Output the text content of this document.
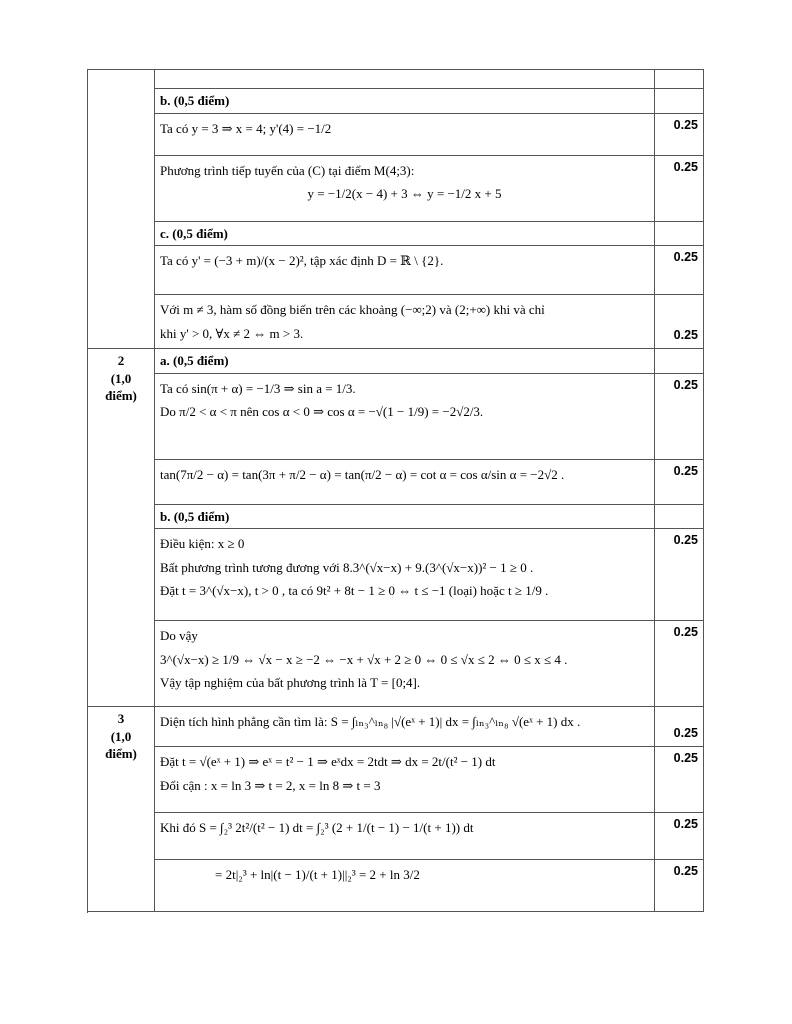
	b. (0,5 điểm)	

	Ta có y = 3 ⇒ x = 4; y'(4) = −1/2	0.25

	Phương trình tiếp tuyến của (C) tại điểm M(4;3):
y = −1/2(x − 4) + 3 ⇔ y = −1/2 x + 5	0.25
	c. (0,5 điểm)	

	Ta có y' = (−3 + m)/(x − 2)², tập xác định D = ℝ \ {2}.	0.25

	Với m ≠ 3, hàm số đồng biến trên các khoảng (−∞;2) và (2;+∞) khi và chỉ
khi y' > 0, ∀x ≠ 2 ⇔ m > 3.	0.25

2
(1,0
điểm)	a. (0,5 điểm)	

	Ta có sin(π + α) = −1/3 ⇒ sin a = 1/3.
Do π/2 < α < π nên cos α < 0 ⇒ cos α = −√(1 − 1/9) = −2√2/3.	0.25

	tan(7π/2 − α) = tan(3π + π/2 − α) = tan(π/2 − α) = cot α = cos α/sin α = −2√2 .	0.25
	b. (0,5 điểm)	

	Điều kiện: x ≥ 0
Bất phương trình tương đương với 8.3^(√x−x) + 9.(3^(√x−x))² − 1 ≥ 0 .
Đặt t = 3^(√x−x), t > 0 , ta có 9t² + 8t − 1 ≥ 0 ⇔ t ≤ −1 (loại) hoặc t ≥ 1/9 .	0.25

	Do vậy
3^(√x−x) ≥ 1/9 ⇔ √x − x ≥ −2 ⇔ −x + √x + 2 ≥ 0 ⇔ 0 ≤ √x ≤ 2 ⇔ 0 ≤ x ≤ 4 .
Vậy tập nghiệm của bất phương trình là T = [0;4].	0.25

3
(1,0
điểm)	Diện tích hình phẳng cần tìm là: S = ∫ₗₙ₃^ₗₙ₈ |√(eˣ + 1)| dx = ∫ₗₙ₃^ₗₙ₈ √(eˣ + 1) dx .	0.25

	Đặt t = √(eˣ + 1) ⇒ eˣ = t² − 1 ⇒ eˣdx = 2tdt ⇒ dx = 2t/(t² − 1) dt
Đổi cận : x = ln 3 ⇒ t = 2, x = ln 8 ⇒ t = 3	0.25

	Khi đó S = ∫₂³ 2t²/(t² − 1) dt = ∫₂³ (2 + 1/(t − 1) − 1/(t + 1)) dt	0.25

	= 2t|₂³ + ln|(t − 1)/(t + 1)||₂³ = 2 + ln 3/2	0.25
